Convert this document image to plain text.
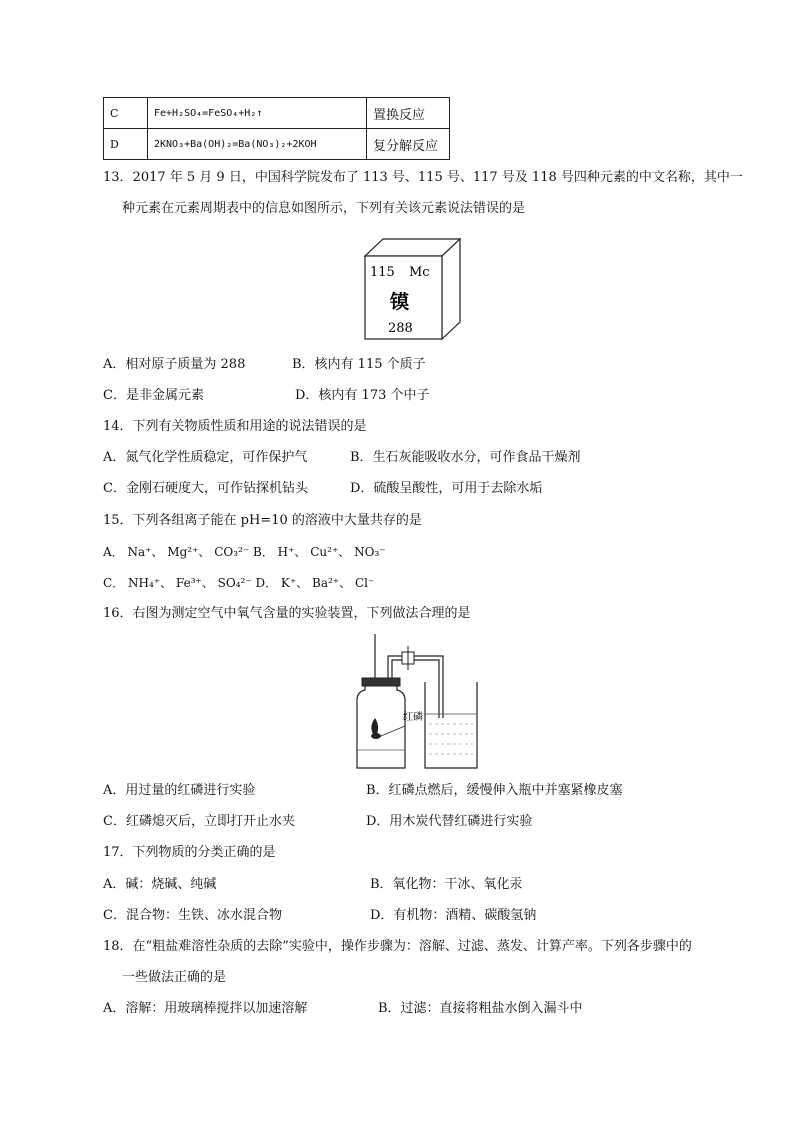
C	Fe+H₂SO₄=FeSO₄+H₂↑	置换反应
D	2KNO₃+Ba(OH)₂=Ba(NO₃)₂+2KOH	复分解反应
13．2017 年 5 月 9 日，中国科学院发布了 113 号、115 号、117 号及 118 号四种元素的中文名称，其中一
种元素在元素周期表中的信息如图所示，下列有关该元素说法错误的是
115 Mc
镆
288
A．相对原子质量为 288	B．核内有 115 个质子
C．是非金属元素	D．核内有 173 个中子
14．下列有关物质性质和用途的说法错误的是
A．氮气化学性质稳定，可作保护气	B．生石灰能吸收水分，可作食品干燥剂
C．金刚石硬度大，可作钻探机钻头	D．硫酸呈酸性，可用于去除水垢
15．下列各组离子能在 pH=10 的溶液中大量共存的是
A． Na⁺、 Mg²⁺、 CO₃²⁻ B． H⁺、 Cu²⁺、 NO₃⁻
C． NH₄⁺、 Fe³⁺、 SO₄²⁻ D． K⁺、 Ba²⁺、 Cl⁻
16．右图为测定空气中氧气含量的实验装置，下列做法合理的是
红磷
A．用过量的红磷进行实验	B．红磷点燃后，缓慢伸入瓶中并塞紧橡皮塞
C．红磷熄灭后，立即打开止水夹	D．用木炭代替红磷进行实验
17．下列物质的分类正确的是
A．碱：烧碱、纯碱	B．氧化物：干冰、氧化汞
C．混合物：生铁、冰水混合物	D．有机物：酒精、碳酸氢钠
18．在“粗盐难溶性杂质的去除”实验中，操作步骤为：溶解、过滤、蒸发、计算产率。下列各步骤中的
一些做法正确的是
A．溶解：用玻璃棒搅拌以加速溶解	B．过滤：直接将粗盐水倒入漏斗中
